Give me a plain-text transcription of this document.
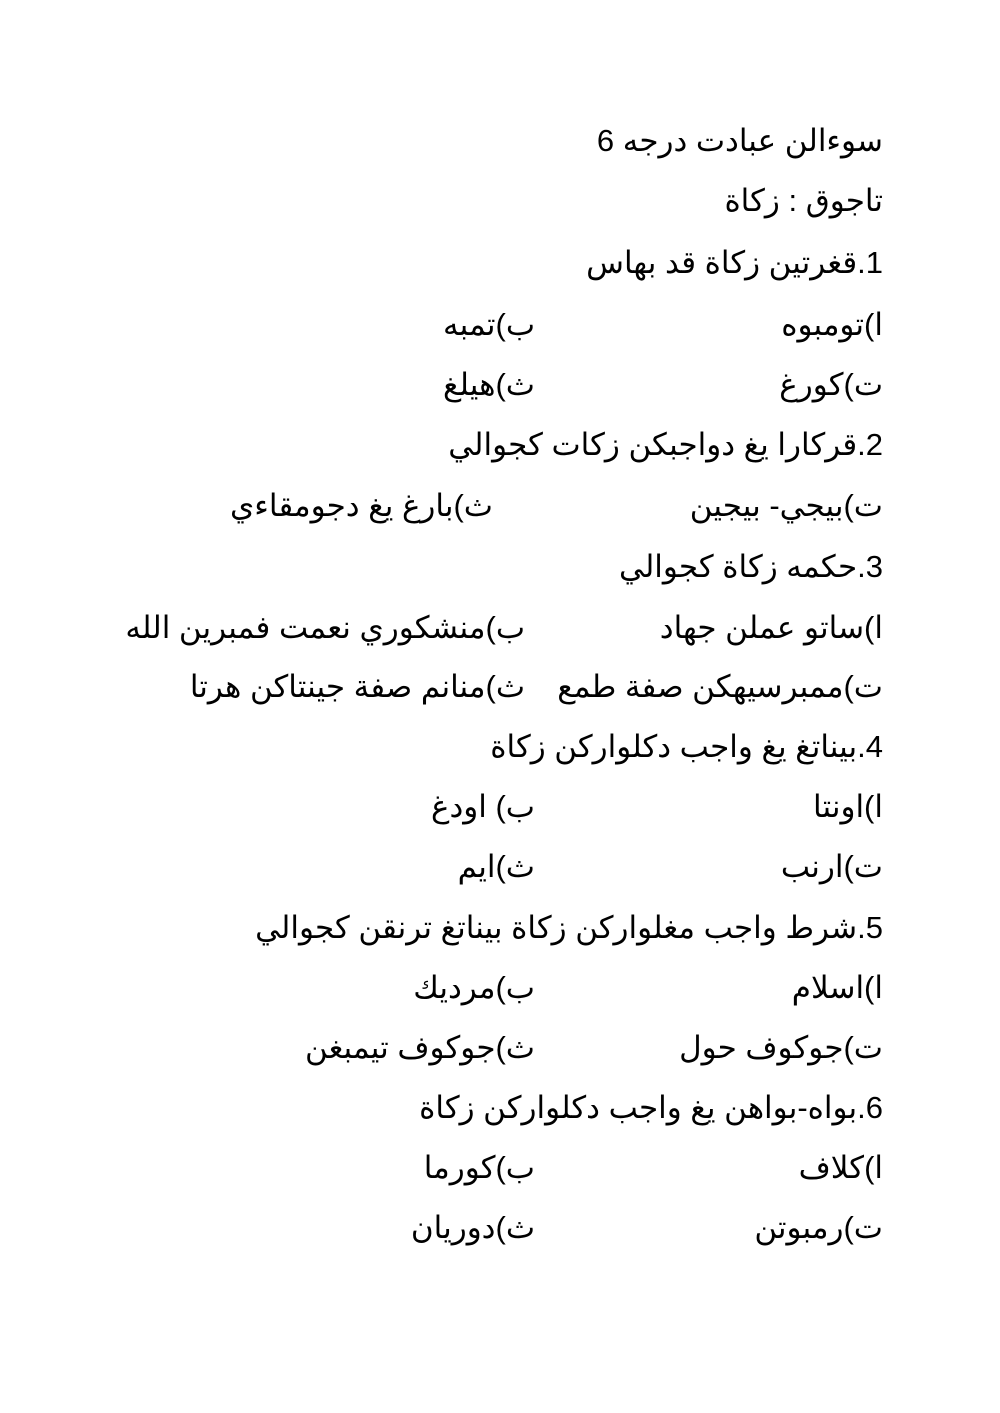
سوءالن عبادت درجه 6
تاجوق : زكاة
1.قغرتين زكاة قد بهاس
ا)تومبوه
ب)تمبه
ت)كورغ
ث)هيلغ
2.قركارا يغ دواجبكن زكات كجوالي
ت)بيجي- بيجين
ث)بارغ يغ دجومقاءي
3.حكمه زكاة كجوالي
ا)ساتو عملن جهاد
ب)منشكوري نعمت فمبرين الله
ت)ممبرسيهكن صفة طمع
ث)منانم صفة جينتاكن هرتا
4.بيناتغ يغ واجب دكلواركن زكاة
ا)اونتا
ب) اودغ
ت)ارنب
ث)ايم
5.شرط واجب مغلواركن زكاة بيناتغ ترنقن كجوالي
ا)اسلام
ب)مرديك
ت)جوكوف حول
ث)جوكوف تيمبغن
6.بواه-بواهن يغ واجب دكلواركن زكاة
ا)كلاف
ب)كورما
ت)رمبوتن
ث)دوريان
